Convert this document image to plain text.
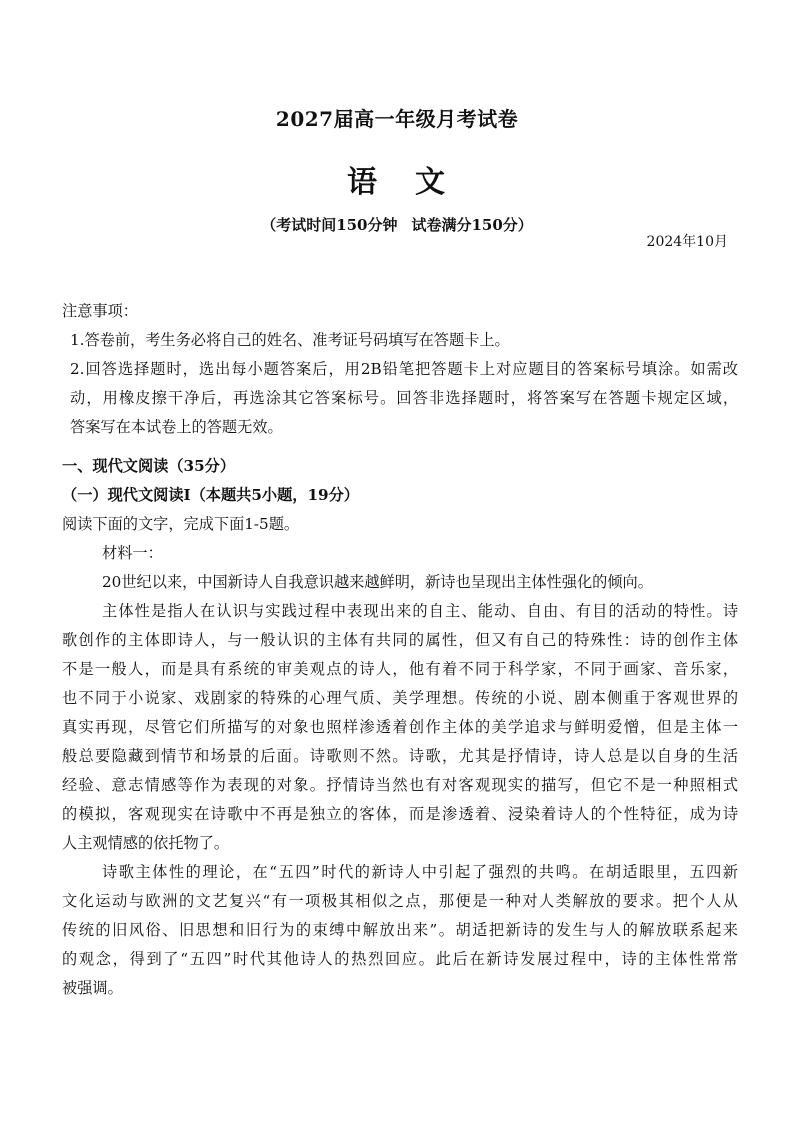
2027届高一年级月考试卷
语 文
（考试时间150分钟 试卷满分150分）
2024年10月
注意事项：
1.答卷前，考生务必将自己的姓名、准考证号码填写在答题卡上。
2.回答选择题时，选出每小题答案后，用2B铅笔把答题卡上对应题目的答案标号填涂。如需改
动，用橡皮擦干净后，再选涂其它答案标号。回答非选择题时，将答案写在答题卡规定区域，
答案写在本试卷上的答题无效。
一、现代文阅读（35分）
（一）现代文阅读Ⅰ（本题共5小题，19分）
阅读下面的文字，完成下面1-5题。
材料一：
20世纪以来，中国新诗人自我意识越来越鲜明，新诗也呈现出主体性强化的倾向。
主体性是指人在认识与实践过程中表现出来的自主、能动、自由、有目的活动的特性。诗
歌创作的主体即诗人，与一般认识的主体有共同的属性，但又有自己的特殊性：诗的创作主体
不是一般人，而是具有系统的审美观点的诗人，他有着不同于科学家，不同于画家、音乐家，
也不同于小说家、戏剧家的特殊的心理气质、美学理想。传统的小说、剧本侧重于客观世界的
真实再现，尽管它们所描写的对象也照样渗透着创作主体的美学追求与鲜明爱憎，但是主体一
般总要隐藏到情节和场景的后面。诗歌则不然。诗歌，尤其是抒情诗，诗人总是以自身的生活
经验、意志情感等作为表现的对象。抒情诗当然也有对客观现实的描写，但它不是一种照相式
的模拟，客观现实在诗歌中不再是独立的客体，而是渗透着、浸染着诗人的个性特征，成为诗
人主观情感的依托物了。
诗歌主体性的理论，在“五四”时代的新诗人中引起了强烈的共鸣。在胡适眼里，五四新
文化运动与欧洲的文艺复兴“有一项极其相似之点，那便是一种对人类解放的要求。把个人从
传统的旧风俗、旧思想和旧行为的束缚中解放出来”。胡适把新诗的发生与人的解放联系起来
的观念，得到了“五四”时代其他诗人的热烈回应。此后在新诗发展过程中，诗的主体性常常
被强调。
